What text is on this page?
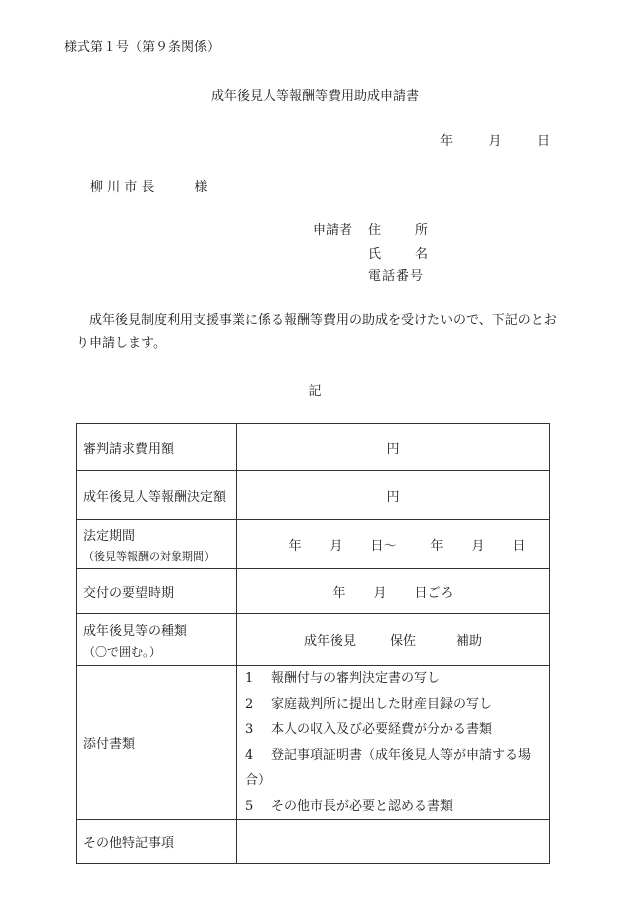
様式第１号（第９条関係）
成年後見人等報酬等費用助成申請書
年	月	日
柳 川 市 長	様
申請者 住	所
氏	名
電話番号
成年後見制度利用支援事業に係る報酬等費用の助成を受けたいので、下記のとおり申請します。
記
審判請求費用額	円
成年後見人等報酬決定額	円
法定期間
（後見等報酬の対象期間）	年 月 日～ 年 月 日
交付の要望時期	年 月 日ごろ
成年後見等の種類
（〇で囲む。）	成年後見 保佐 補助
添付書類	1 報酬付与の審判決定書の写し
2 家庭裁判所に提出した財産目録の写し
3 本人の収入及び必要経費が分かる書類
4 登記事項証明書（成年後見人等が申請する場合）
5 その他市長が必要と認める書類

その他特記事項	
